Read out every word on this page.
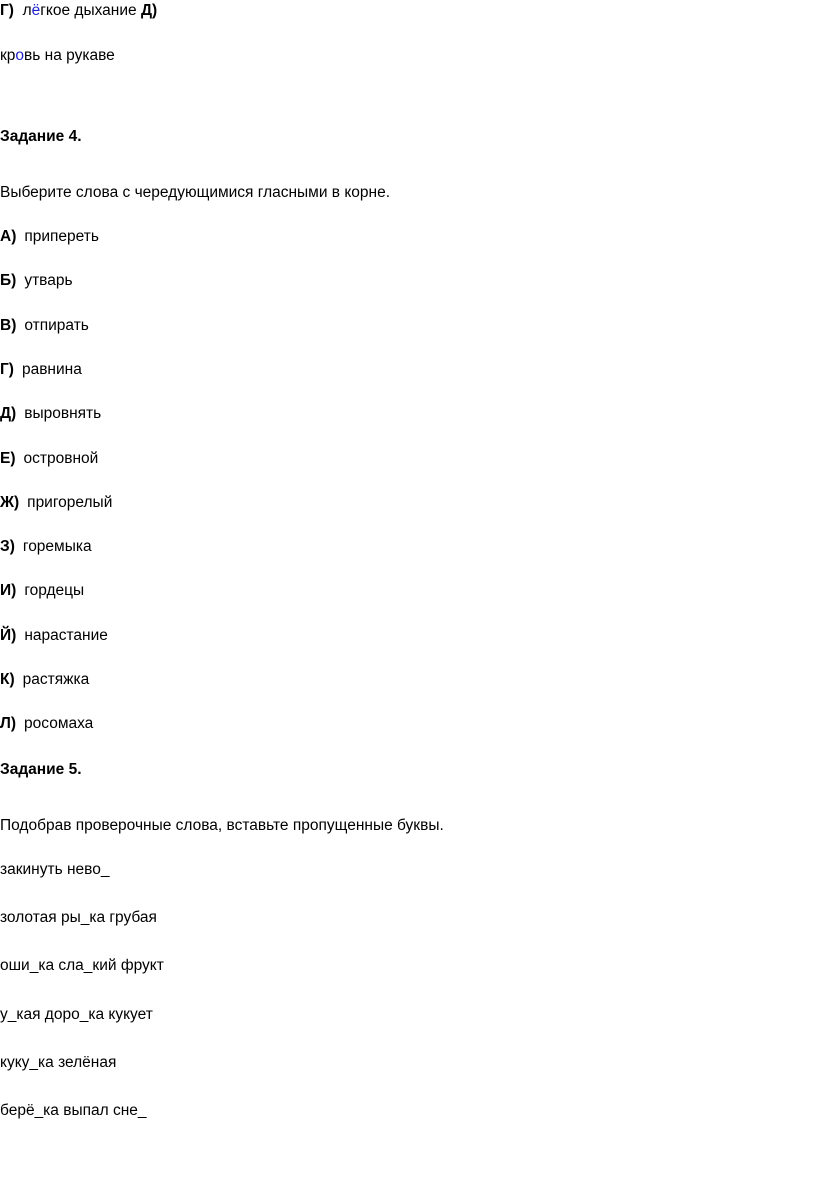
Г) лёгкое дыхание Д)
кровь на рукаве
Задание 4.
Выберите слова с чередующимися гласными в корне.
А) припереть
Б) утварь
В) отпирать
Г) равнина
Д) выровнять
Е) островной
Ж) пригорелый
З) горемыка
И) гордецы
Й) нарастание
К) растяжка
Л) росомаха
Задание 5.
Подобрав проверочные слова, вставьте пропущенные буквы.
закинуть нево_
золотая ры_ка грубая
оши_ка сла_кий фрукт
у_кая доро_ка кукует
куку_ка зелёная
берё_ка выпал сне_
